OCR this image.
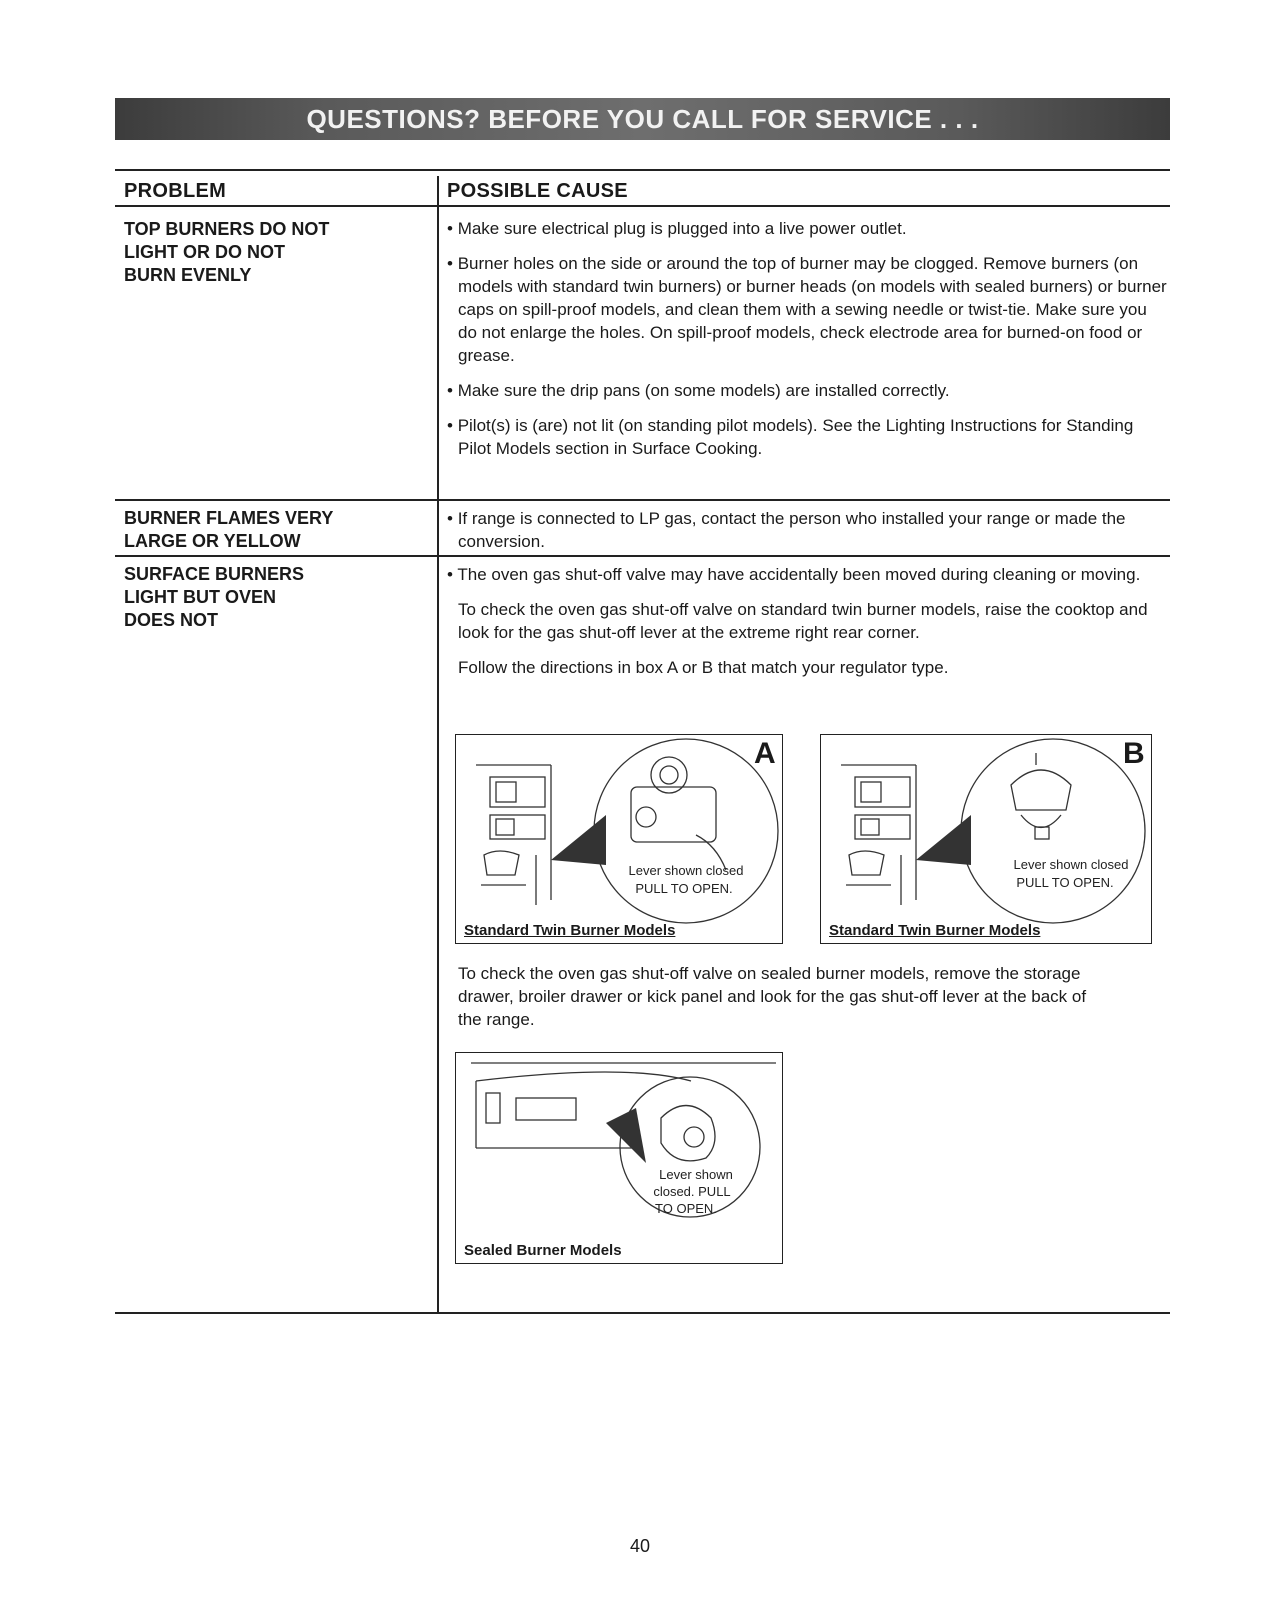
QUESTIONS? BEFORE YOU CALL FOR SERVICE . . .
PROBLEM	POSSIBLE CAUSE
TOP BURNERS DO NOT
LIGHT OR DO NOT
BURN EVENLY

• Make sure electrical plug is plugged into a live power outlet.

• Burner holes on the side or around the top of burner may be clogged. Remove burners (on models with standard twin burners) or burner heads (on models with sealed burners) or burner caps on spill-proof models, and clean them with a sewing needle or twist-tie. Make sure you do not enlarge the holes. On spill-proof models, check electrode area for burned-on food or grease.

• Make sure the drip pans (on some models) are installed correctly.

• Pilot(s) is (are) not lit (on standing pilot models). See the Lighting Instructions for Standing Pilot Models section in Surface Cooking.

BURNER FLAMES VERY
LARGE OR YELLOW

• If range is connected to LP gas, contact the person who installed your range or made the conversion.

SURFACE BURNERS
LIGHT BUT OVEN
DOES NOT

• The oven gas shut-off valve may have accidentally been moved during cleaning or moving.

To check the oven gas shut-off valve on standard twin burner models, raise the cooktop and look for the gas shut-off lever at the extreme right rear corner.

Follow the directions in box A or B that match your regulator type.

Lever shown closed
PULL TO OPEN.
A
Standard Twin Burner Models
Lever shown closed
PULL TO OPEN.
B
Standard Twin Burner Models

To check the oven gas shut-off valve on sealed burner models, remove the storage drawer, broiler drawer or kick panel and look for the gas shut-off lever at the back of the range.

Lever shown
closed. PULL
TO OPEN.
Sealed Burner Models
40
